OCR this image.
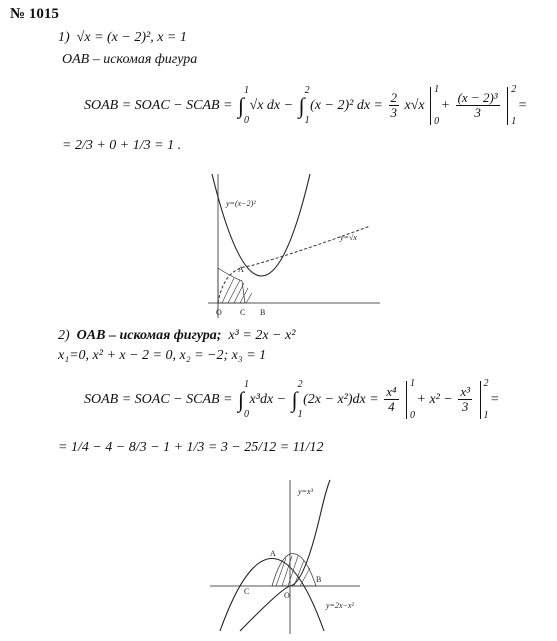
№ 1015
1) √x = (x − 2)², x = 1
OAB – искомая фигура
SOAB = SOAC − SCAB = ∫
1
0
√x dx − ∫
2
1
(x − 2)² dx = $\frac{2}{3} x√x$
1
0
+ $\frac{\text{(x − 2)³}}{3}$

2
1
=
= 2/3 + 0 + 1/3 = 1 .
y=(x−2)²
y=√x
O
A
B
C
2) OAB – искомая фигура; x³ = 2x − x²
x₁=0, x² + x − 2 = 0, x₂ = −2; x₃ = 1
SOAB = SOAC − SCAB = ∫
1
0
x³dx − ∫
2
1
$(2x - x^2)dx = \frac{\text{x⁴}}{4}$

1
0
+ $x^2 - \frac{\text{x³}}{3}$

2
1
=
= 1/4 − 4 − 8/3 − 1 + 1/3 = 3 − 25/12 = 11/12
y=x³
y=2x−x²
O
A
B
C
